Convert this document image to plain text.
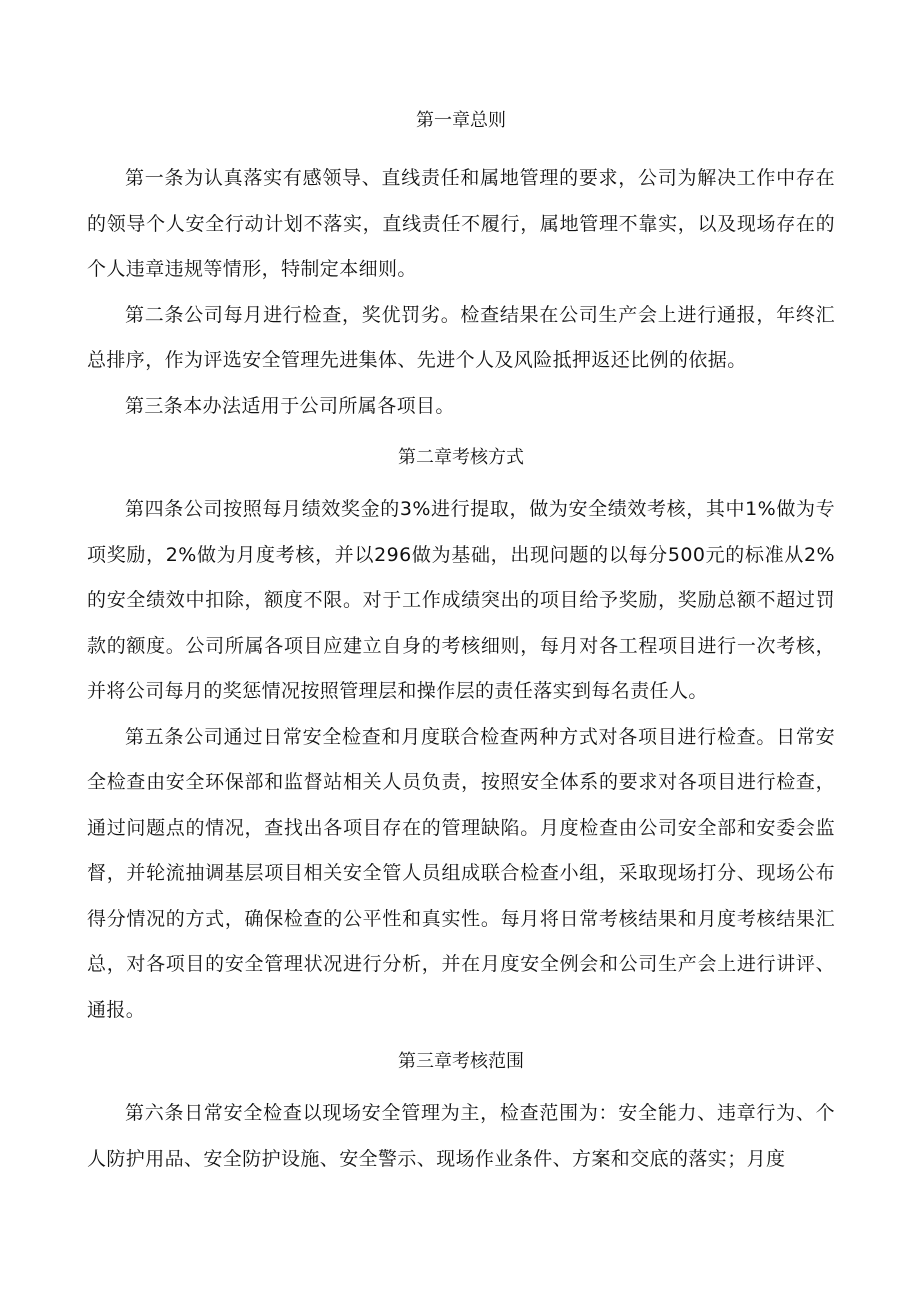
第一章总则

第一条为认真落实有感领导、直线责任和属地管理的要求，公司为解决工作中存在的领导个人安全行动计划不落实，直线责任不履行，属地管理不靠实，以及现场存在的个人违章违规等情形，特制定本细则。

第二条公司每月进行检查，奖优罚劣。检查结果在公司生产会上进行通报，年终汇总排序，作为评选安全管理先进集体、先进个人及风险抵押返还比例的依据。

第三条本办法适用于公司所属各项目。

第二章考核方式

第四条公司按照每月绩效奖金的3%进行提取，做为安全绩效考核，其中1%做为专项奖励，2%做为月度考核，并以296做为基础，出现问题的以每分500元的标准从2%的安全绩效中扣除，额度不限。对于工作成绩突出的项目给予奖励，奖励总额不超过罚款的额度。公司所属各项目应建立自身的考核细则，每月对各工程项目进行一次考核，并将公司每月的奖惩情况按照管理层和操作层的责任落实到每名责任人。

第五条公司通过日常安全检查和月度联合检查两种方式对各项目进行检查。日常安全检查由安全环保部和监督站相关人员负责，按照安全体系的要求对各项目进行检查，通过问题点的情况，查找出各项目存在的管理缺陷。月度检查由公司安全部和安委会监督，并轮流抽调基层项目相关安全管人员组成联合检查小组，采取现场打分、现场公布得分情况的方式，确保检查的公平性和真实性。每月将日常考核结果和月度考核结果汇总，对各项目的安全管理状况进行分析，并在月度安全例会和公司生产会上进行讲评、通报。

第三章考核范围

第六条日常安全检查以现场安全管理为主，检查范围为：安全能力、违章行为、个人防护用品、安全防护设施、安全警示、现场作业条件、方案和交底的落实；月度
